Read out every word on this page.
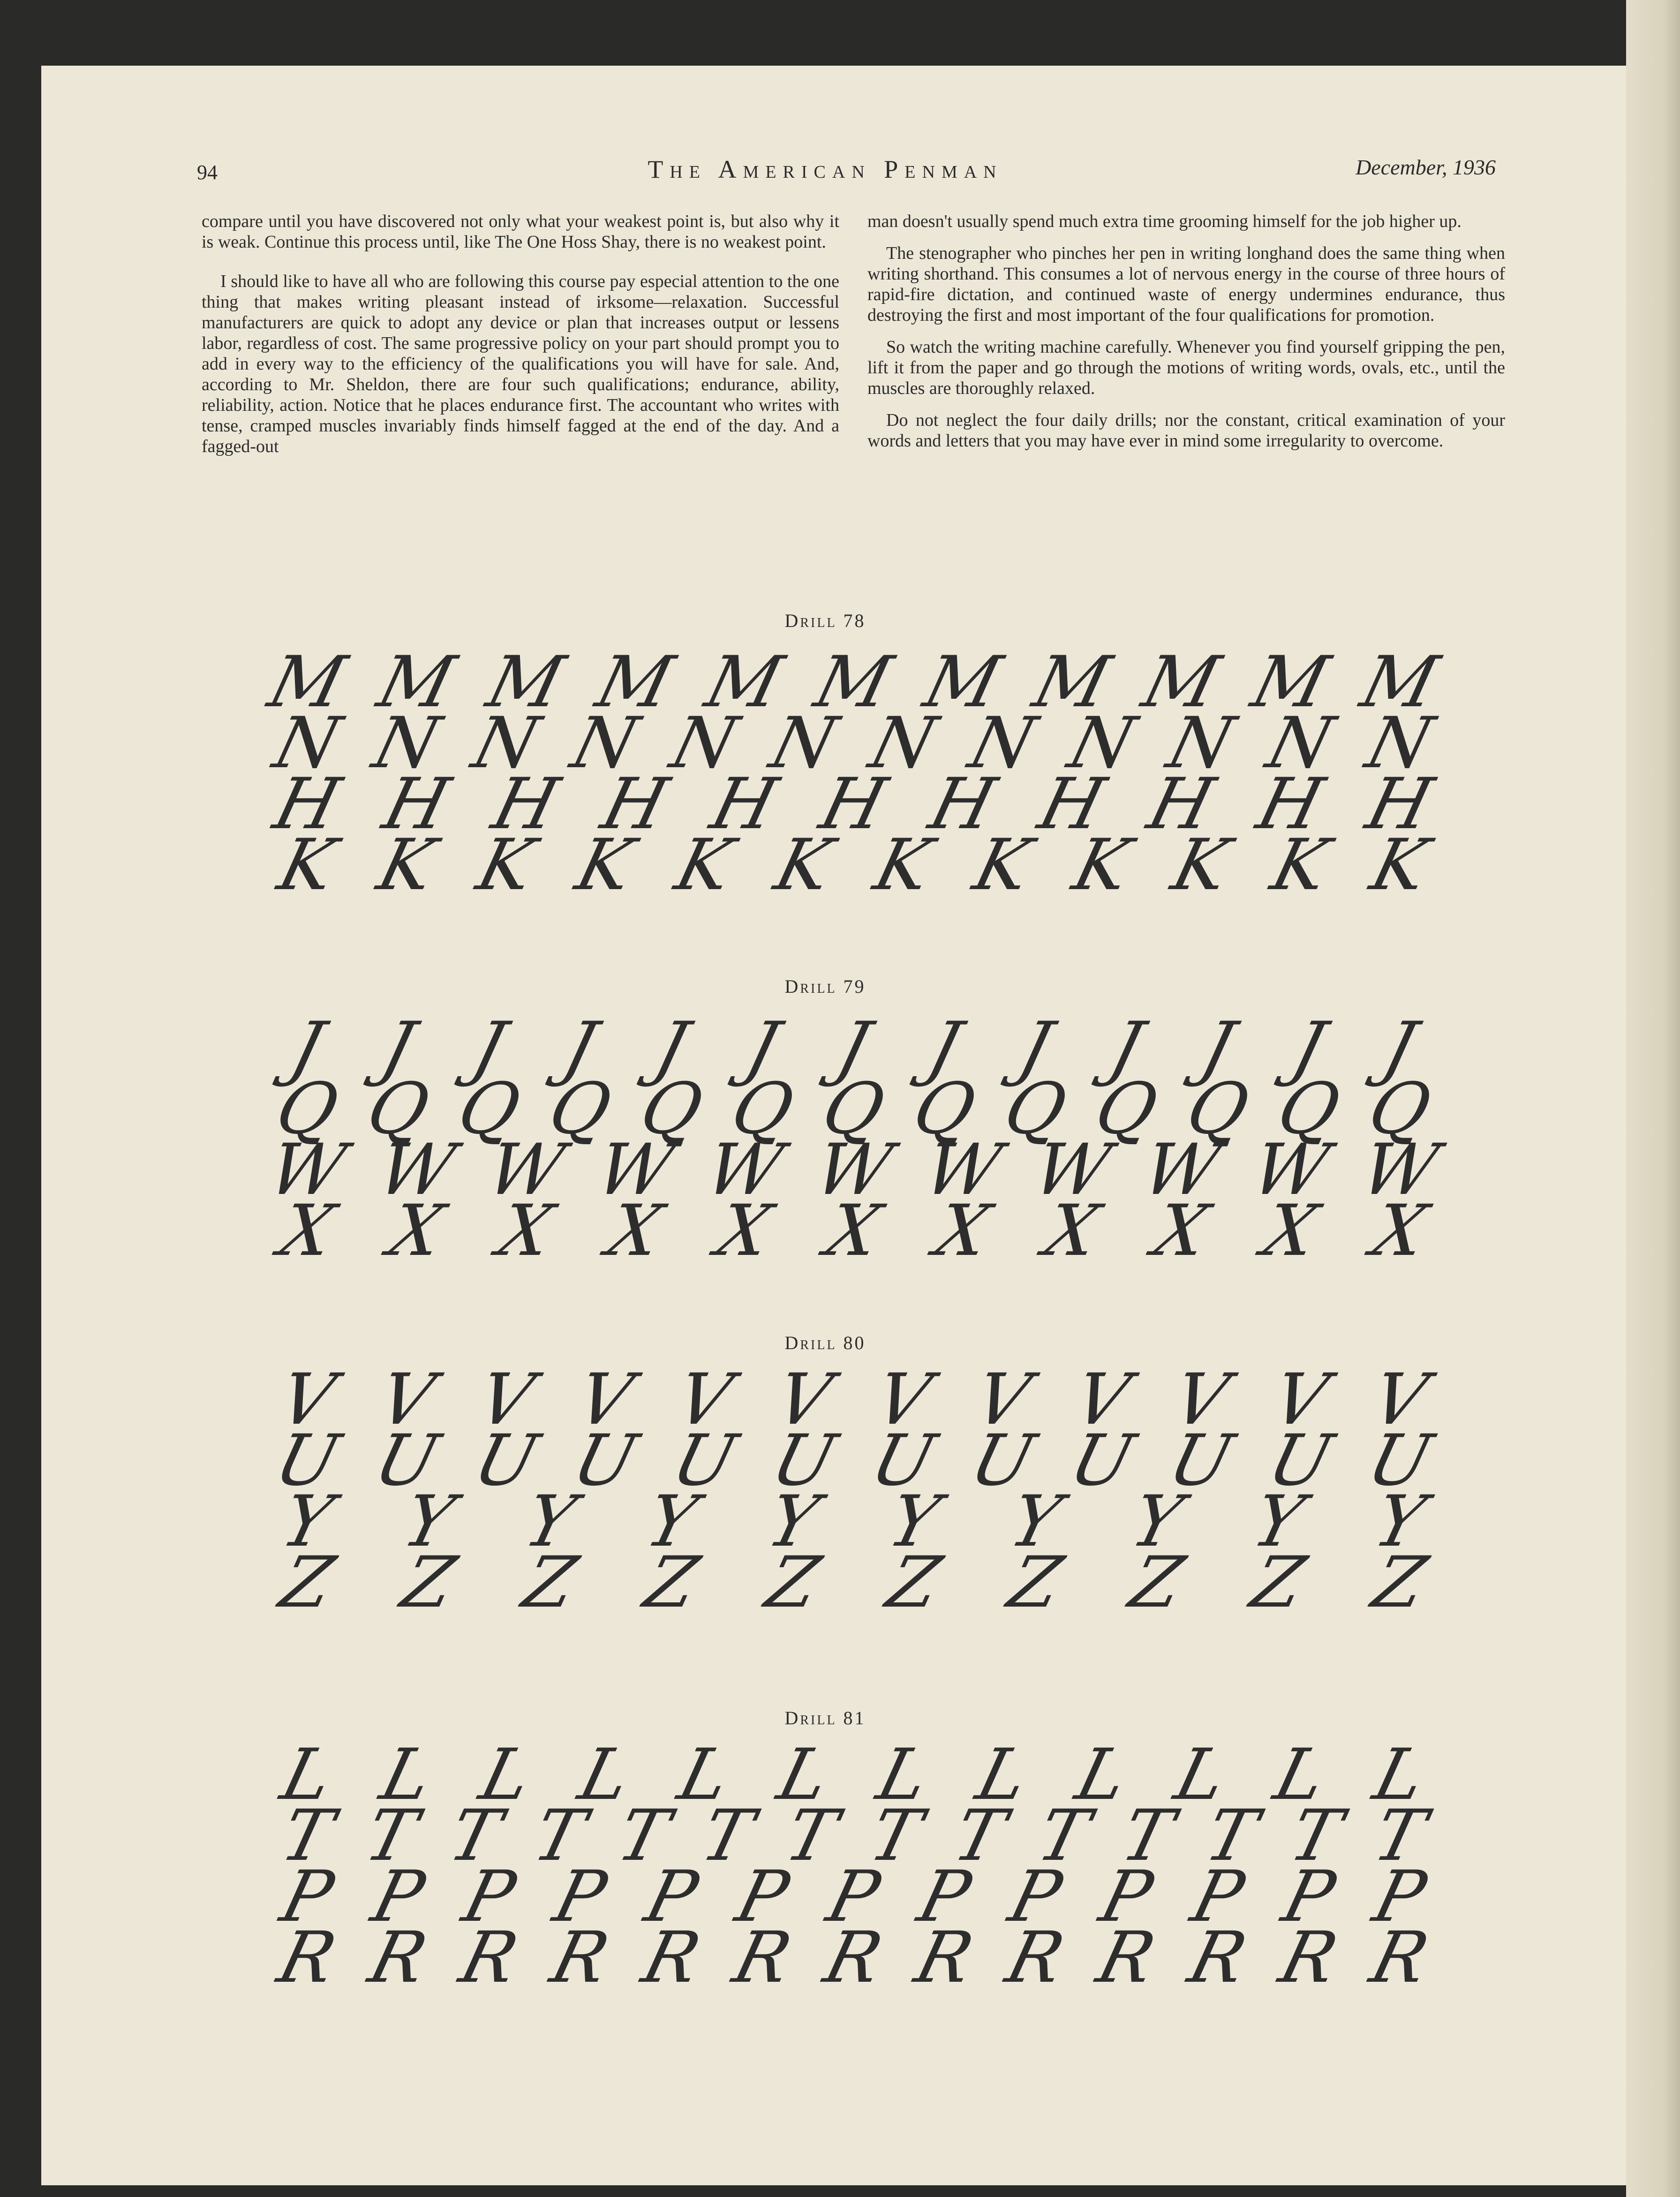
94	The American Penman	December, 1936

compare until you have discovered not only what your weakest point is, but also why it is weak. Continue this process until, like The One Hoss Shay, there is no weakest point.

I should like to have all who are following this course pay especial attention to the one thing that makes writing pleasant instead of irksome—relaxation. Successful manufacturers are quick to adopt any device or plan that increases output or lessens labor, regardless of cost. The same progressive policy on your part should prompt you to add in every way to the efficiency of the qualifications you will have for sale. And, according to Mr. Sheldon, there are four such qualifications; endurance, ability, reliability, action. Notice that he places endurance first. The accountant who writes with tense, cramped muscles invariably finds himself fagged at the end of the day. And a fagged-out

man doesn't usually spend much extra time grooming himself for the job higher up.

The stenographer who pinches her pen in writing longhand does the same thing when writing shorthand. This consumes a lot of nervous energy in the course of three hours of rapid-fire dictation, and continued waste of energy undermines endurance, thus destroying the first and most important of the four qualifications for promotion.

So watch the writing machine carefully. Whenever you find yourself gripping the pen, lift it from the paper and go through the motions of writing words, ovals, etc., until the muscles are thoroughly relaxed.

Do not neglect the four daily drills; nor the constant, critical examination of your words and letters that you may have ever in mind some irregularity to overcome.

Drill 78
M M M M M M M M M M M
N N N N N N N N N N N N
H H H H H H H H H H H
K K K K K K K K K K K K
Drill 79
J J J J J J J J J J J J J
Q Q Q Q Q Q Q Q Q Q Q Q Q
W W W W W W W W W W W
X X X X X X X X X X X
Drill 80
V V V V V V V V V V V V
U U U U U U U U U U U U
Y Y Y Y Y Y Y Y Y Y
Z Z Z Z Z Z Z Z Z Z
Drill 81
L L L L L L L L L L L L
T T T T T T T T T T T T T T
P P P P P P P P P P P P P
R R R R R R R R R R R R R
